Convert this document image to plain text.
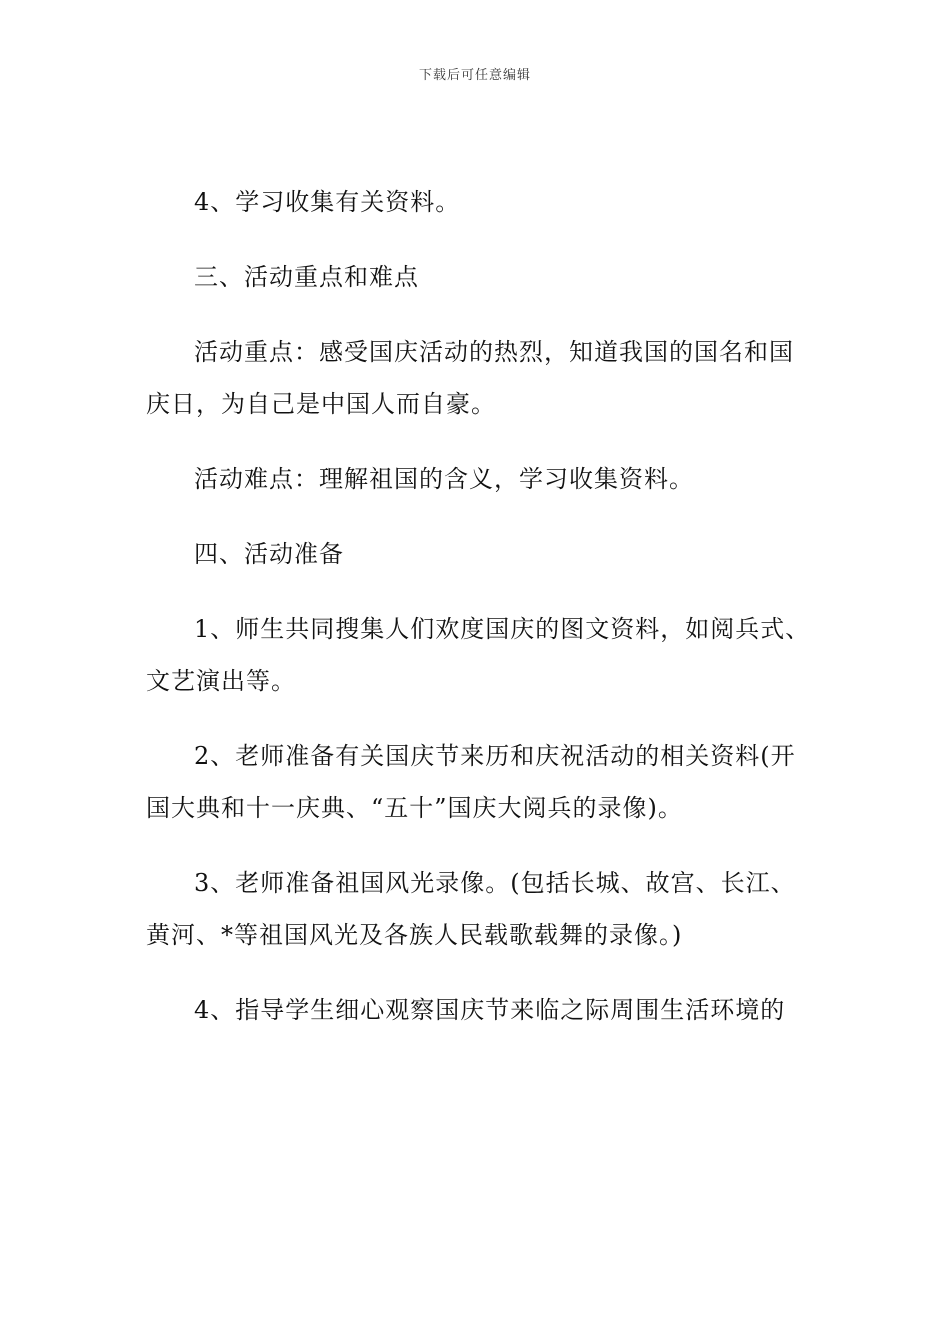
下载后可任意编辑

4、学习收集有关资料。

三、活动重点和难点

活动重点：感受国庆活动的热烈，知道我国的国名和国庆日，为自己是中国人而自豪。

活动难点：理解祖国的含义，学习收集资料。

四、活动准备

1、师生共同搜集人们欢度国庆的图文资料，如阅兵式、文艺演出等。

2、老师准备有关国庆节来历和庆祝活动的相关资料(开国大典和十一庆典、“五十”国庆大阅兵的录像)。

3、老师准备祖国风光录像。(包括长城、故宫、长江、黄河、*等祖国风光及各族人民载歌载舞的录像。)

4、指导学生细心观察国庆节来临之际周围生活环境的
